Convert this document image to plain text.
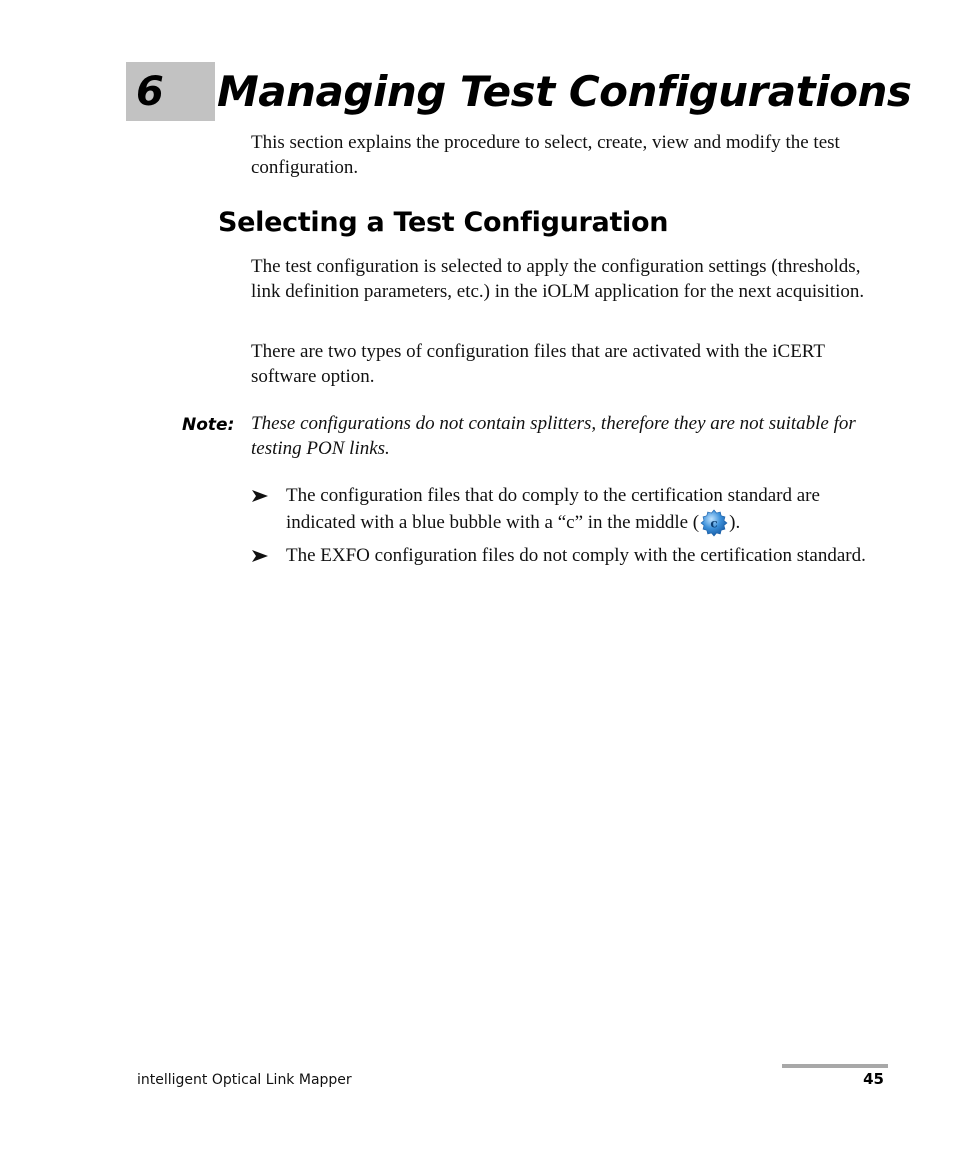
6 Managing Test Configurations

This section explains the procedure to select, create, view and modify the test configuration.

Selecting a Test Configuration

The test configuration is selected to apply the configuration settings (thresholds, link definition parameters, etc.) in the iOLM application for the next acquisition.

There are two types of configuration files that are activated with the iCERT software option.

Note: These configurations do not contain splitters, therefore they are not suitable for testing PON links.

The configuration files that do comply to the certification standard are indicated with a blue bubble with a “c” in the middle ( c ).

The EXFO configuration files do not comply with the certification standard.

intelligent Optical Link Mapper	45
